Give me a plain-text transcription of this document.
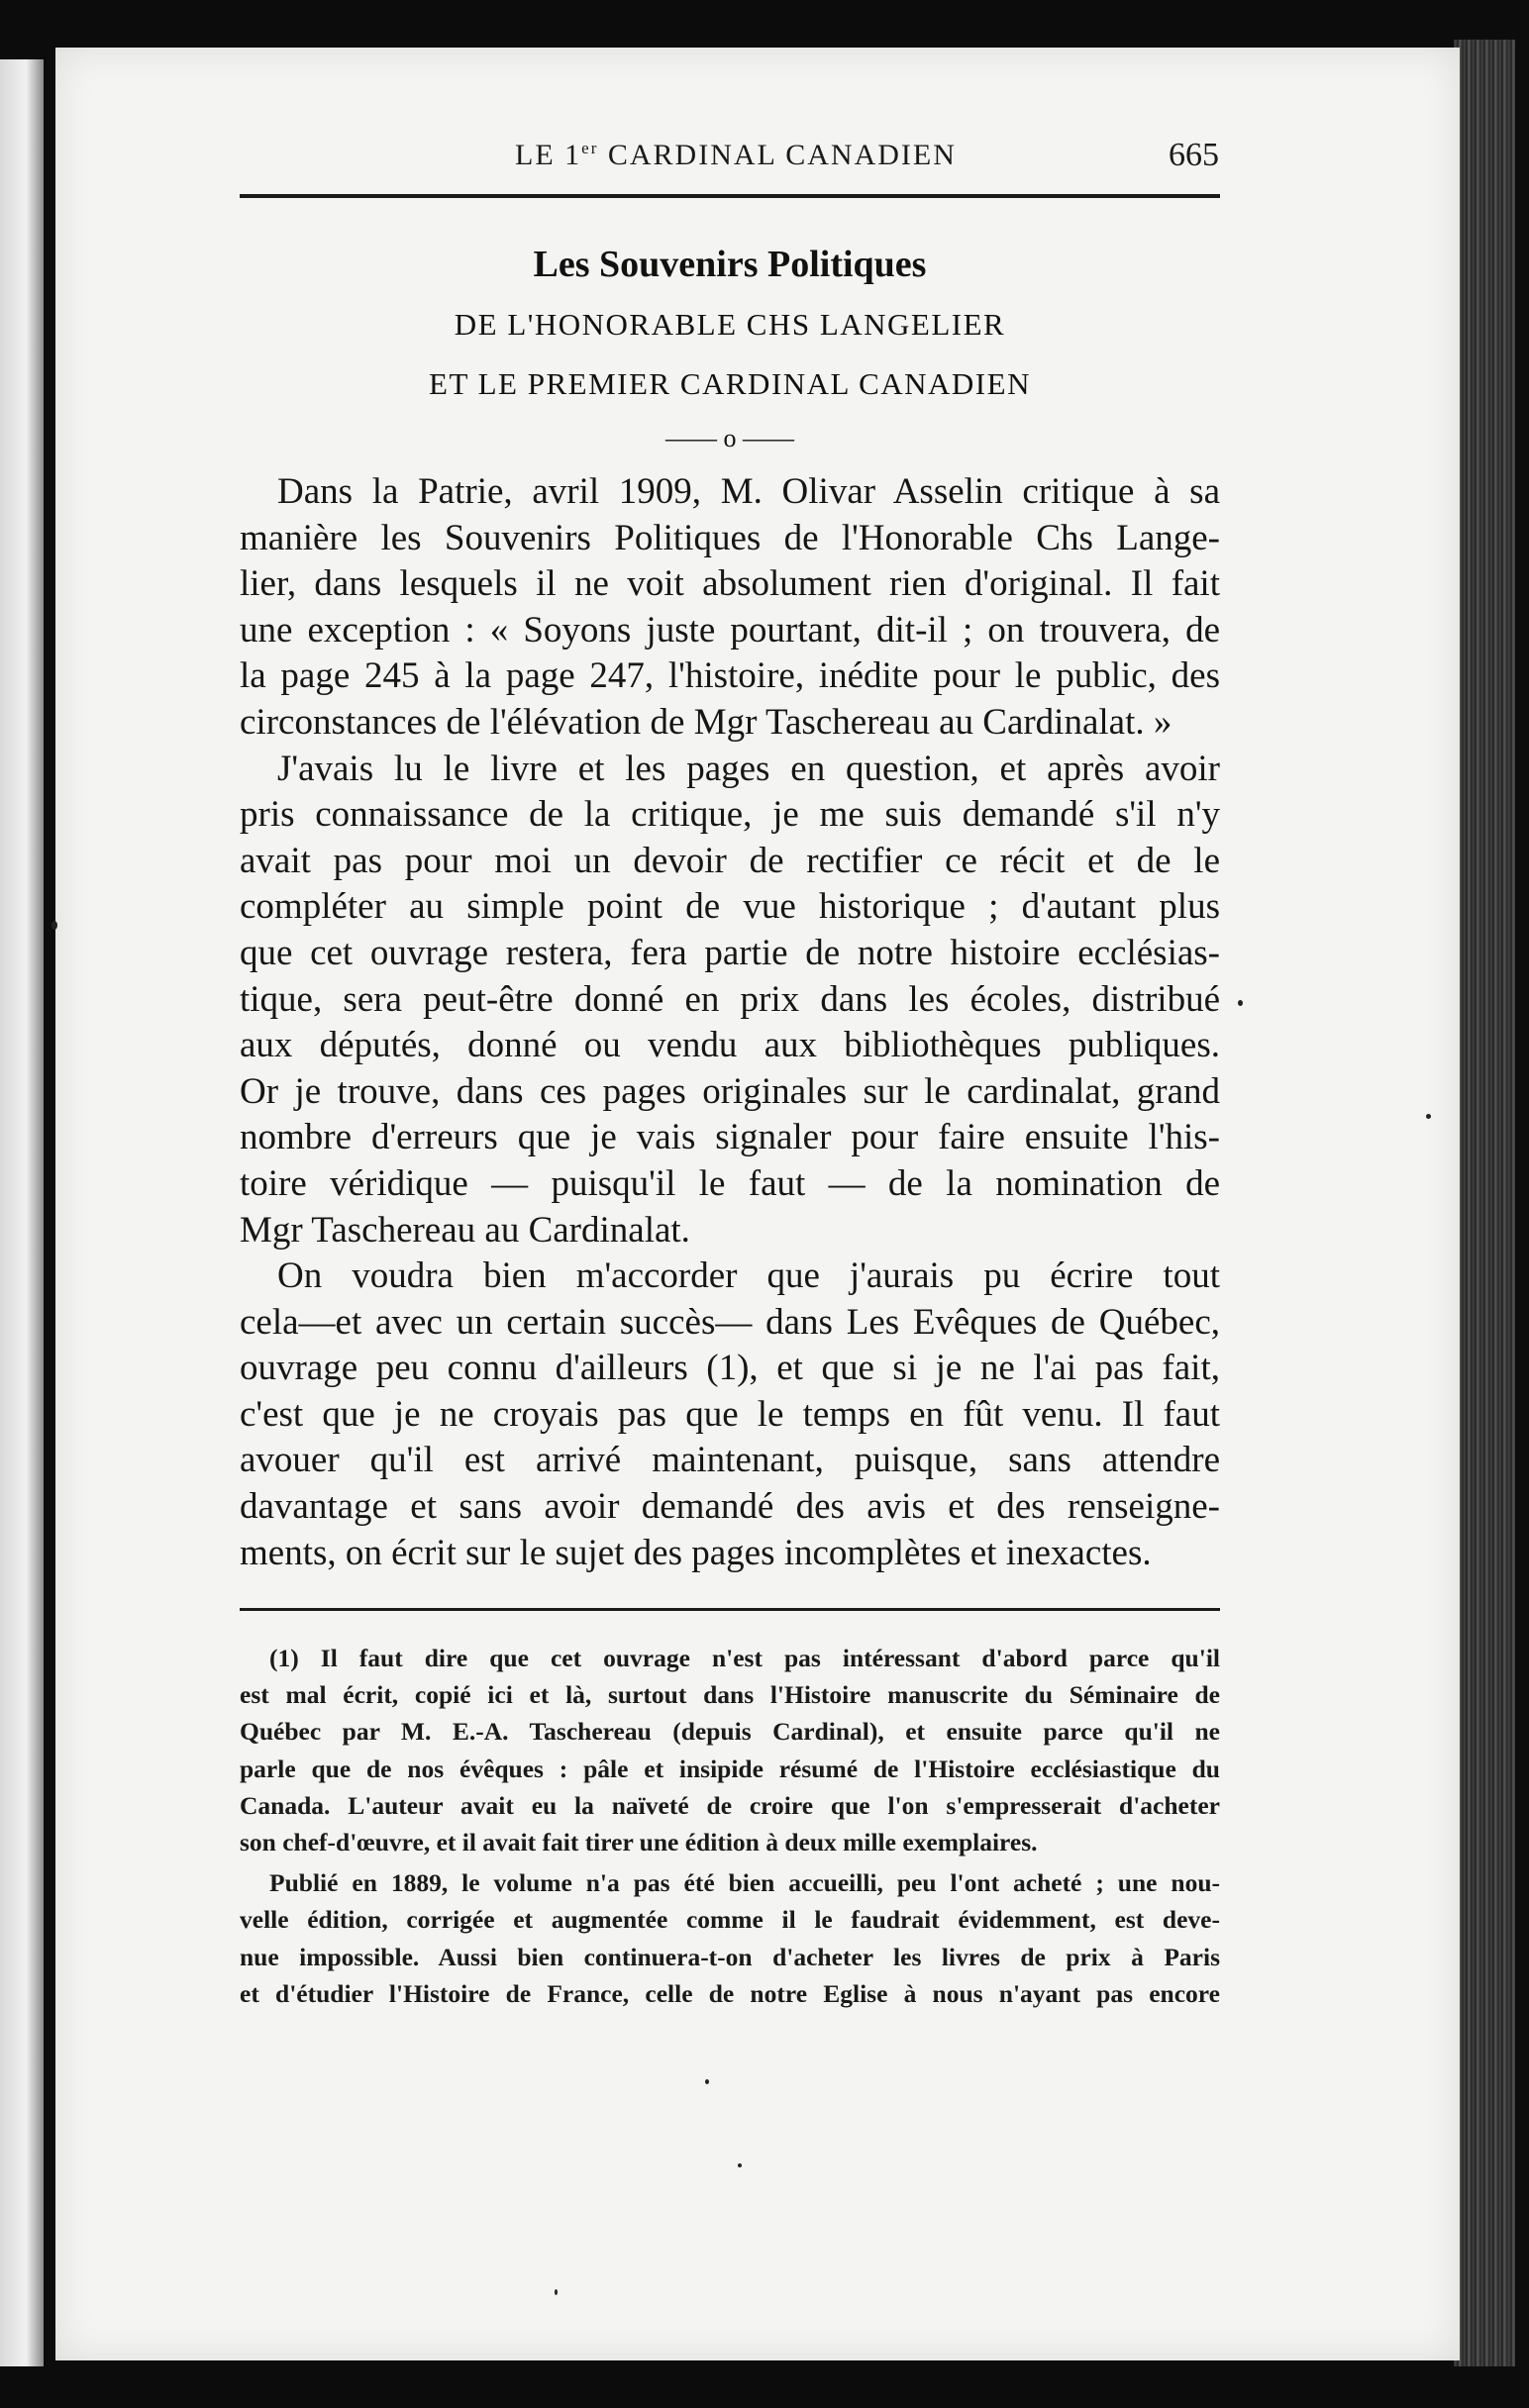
LE 1er CARDINAL CANADIEN	665
Les Souvenirs Politiques
DE L'HONORABLE CHS LANGELIER
ET LE PREMIER CARDINAL CANADIEN
—— o ——
Dans la Patrie, avril 1909, M. Olivar Asselin critique à sa
manière les Souvenirs Politiques de l'Honorable Chs Lange-
lier, dans lesquels il ne voit absolument rien d'original. Il fait
une exception : « Soyons juste pourtant, dit-il ; on trouvera, de
la page 245 à la page 247, l'histoire, inédite pour le public, des
circonstances de l'élévation de Mgr Taschereau au Cardinalat. »
J'avais lu le livre et les pages en question, et après avoir
pris connaissance de la critique, je me suis demandé s'il n'y
avait pas pour moi un devoir de rectifier ce récit et de le
compléter au simple point de vue historique ; d'autant plus
que cet ouvrage restera, fera partie de notre histoire ecclésias-
tique, sera peut-être donné en prix dans les écoles, distribué
aux députés, donné ou vendu aux bibliothèques publiques.
Or je trouve, dans ces pages originales sur le cardinalat, grand
nombre d'erreurs que je vais signaler pour faire ensuite l'his-
toire véridique — puisqu'il le faut — de la nomination de
Mgr Taschereau au Cardinalat.
On voudra bien m'accorder que j'aurais pu écrire tout
cela—et avec un certain succès— dans Les Evêques de Québec,
ouvrage peu connu d'ailleurs (1), et que si je ne l'ai pas fait,
c'est que je ne croyais pas que le temps en fût venu. Il faut
avouer qu'il est arrivé maintenant, puisque, sans attendre
davantage et sans avoir demandé des avis et des renseigne-
ments, on écrit sur le sujet des pages incomplètes et inexactes.
(1) Il faut dire que cet ouvrage n'est pas intéressant d'abord parce qu'il
est mal écrit, copié ici et là, surtout dans l'Histoire manuscrite du Séminaire de
Québec par M. E.-A. Taschereau (depuis Cardinal), et ensuite parce qu'il ne
parle que de nos évêques : pâle et insipide résumé de l'Histoire ecclésiastique du
Canada. L'auteur avait eu la naïveté de croire que l'on s'empresserait d'acheter
son chef-d'œuvre, et il avait fait tirer une édition à deux mille exemplaires.
Publié en 1889, le volume n'a pas été bien accueilli, peu l'ont acheté ; une nou-
velle édition, corrigée et augmentée comme il le faudrait évidemment, est deve-
nue impossible. Aussi bien continuera-t-on d'acheter les livres de prix à Paris
et d'étudier l'Histoire de France, celle de notre Eglise à nous n'ayant pas encore
